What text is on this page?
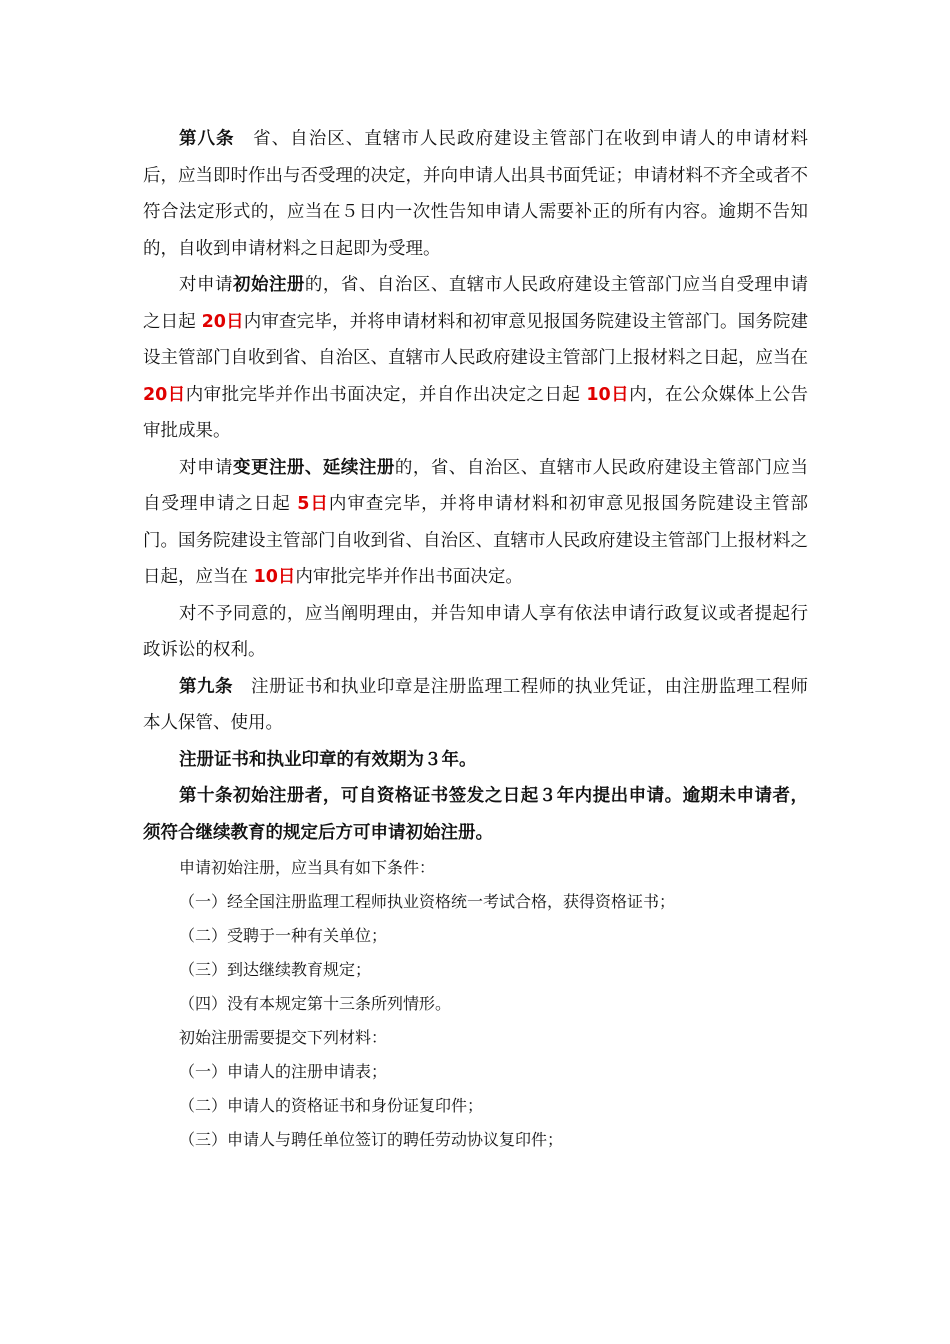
第八条　省、自治区、直辖市人民政府建设主管部门在收到申请人的申请材料后，应当即时作出与否受理的决定，并向申请人出具书面凭证；申请材料不齐全或者不符合法定形式的，应当在５日内一次性告知申请人需要补正的所有内容。逾期不告知的，自收到申请材料之日起即为受理。

对申请初始注册的，省、自治区、直辖市人民政府建设主管部门应当自受理申请之日起 20日内审查完毕，并将申请材料和初审意见报国务院建设主管部门。国务院建设主管部门自收到省、自治区、直辖市人民政府建设主管部门上报材料之日起，应当在 20日内审批完毕并作出书面决定，并自作出决定之日起 10日内，在公众媒体上公告审批成果。

对申请变更注册、延续注册的，省、自治区、直辖市人民政府建设主管部门应当自受理申请之日起 5日内审查完毕，并将申请材料和初审意见报国务院建设主管部门。国务院建设主管部门自收到省、自治区、直辖市人民政府建设主管部门上报材料之日起，应当在 10日内审批完毕并作出书面决定。

对不予同意的，应当阐明理由，并告知申请人享有依法申请行政复议或者提起行政诉讼的权利。

第九条　注册证书和执业印章是注册监理工程师的执业凭证，由注册监理工程师本人保管、使用。

注册证书和执业印章的有效期为３年。

第十条初始注册者，可自资格证书签发之日起３年内提出申请。逾期未申请者，须符合继续教育的规定后方可申请初始注册。

申请初始注册，应当具有如下条件：

（一）经全国注册监理工程师执业资格统一考试合格，获得资格证书；

（二）受聘于一种有关单位；

（三）到达继续教育规定；

（四）没有本规定第十三条所列情形。

初始注册需要提交下列材料：

（一）申请人的注册申请表；

（二）申请人的资格证书和身份证复印件；

（三）申请人与聘任单位签订的聘任劳动协议复印件；
